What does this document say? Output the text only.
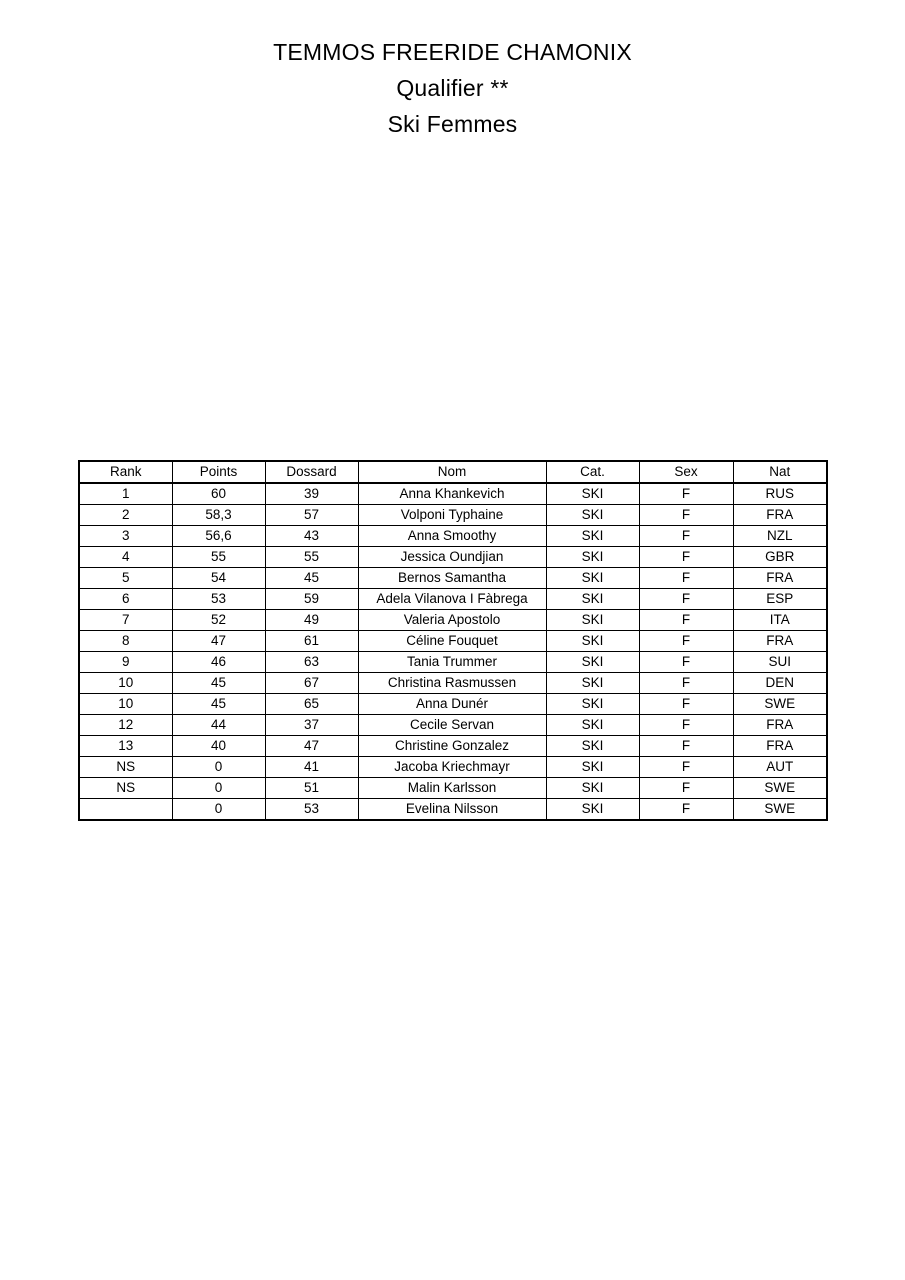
TEMMOS FREERIDE CHAMONIX
Qualifier **
Ski Femmes
Rank	Points	Dossard	Nom	Cat.	Sex	Nat
1	60	39	Anna Khankevich	SKI	F	RUS
2	58,3	57	Volponi Typhaine	SKI	F	FRA
3	56,6	43	Anna Smoothy	SKI	F	NZL
4	55	55	Jessica Oundjian	SKI	F	GBR
5	54	45	Bernos Samantha	SKI	F	FRA
6	53	59	Adela Vilanova I Fàbrega	SKI	F	ESP
7	52	49	Valeria Apostolo	SKI	F	ITA
8	47	61	Céline Fouquet	SKI	F	FRA
9	46	63	Tania Trummer	SKI	F	SUI
10	45	67	Christina Rasmussen	SKI	F	DEN
10	45	65	Anna Dunér	SKI	F	SWE
12	44	37	Cecile Servan	SKI	F	FRA
13	40	47	Christine Gonzalez	SKI	F	FRA
NS	0	41	Jacoba Kriechmayr	SKI	F	AUT
NS	0	51	Malin Karlsson	SKI	F	SWE
	0	53	Evelina Nilsson	SKI	F	SWE
